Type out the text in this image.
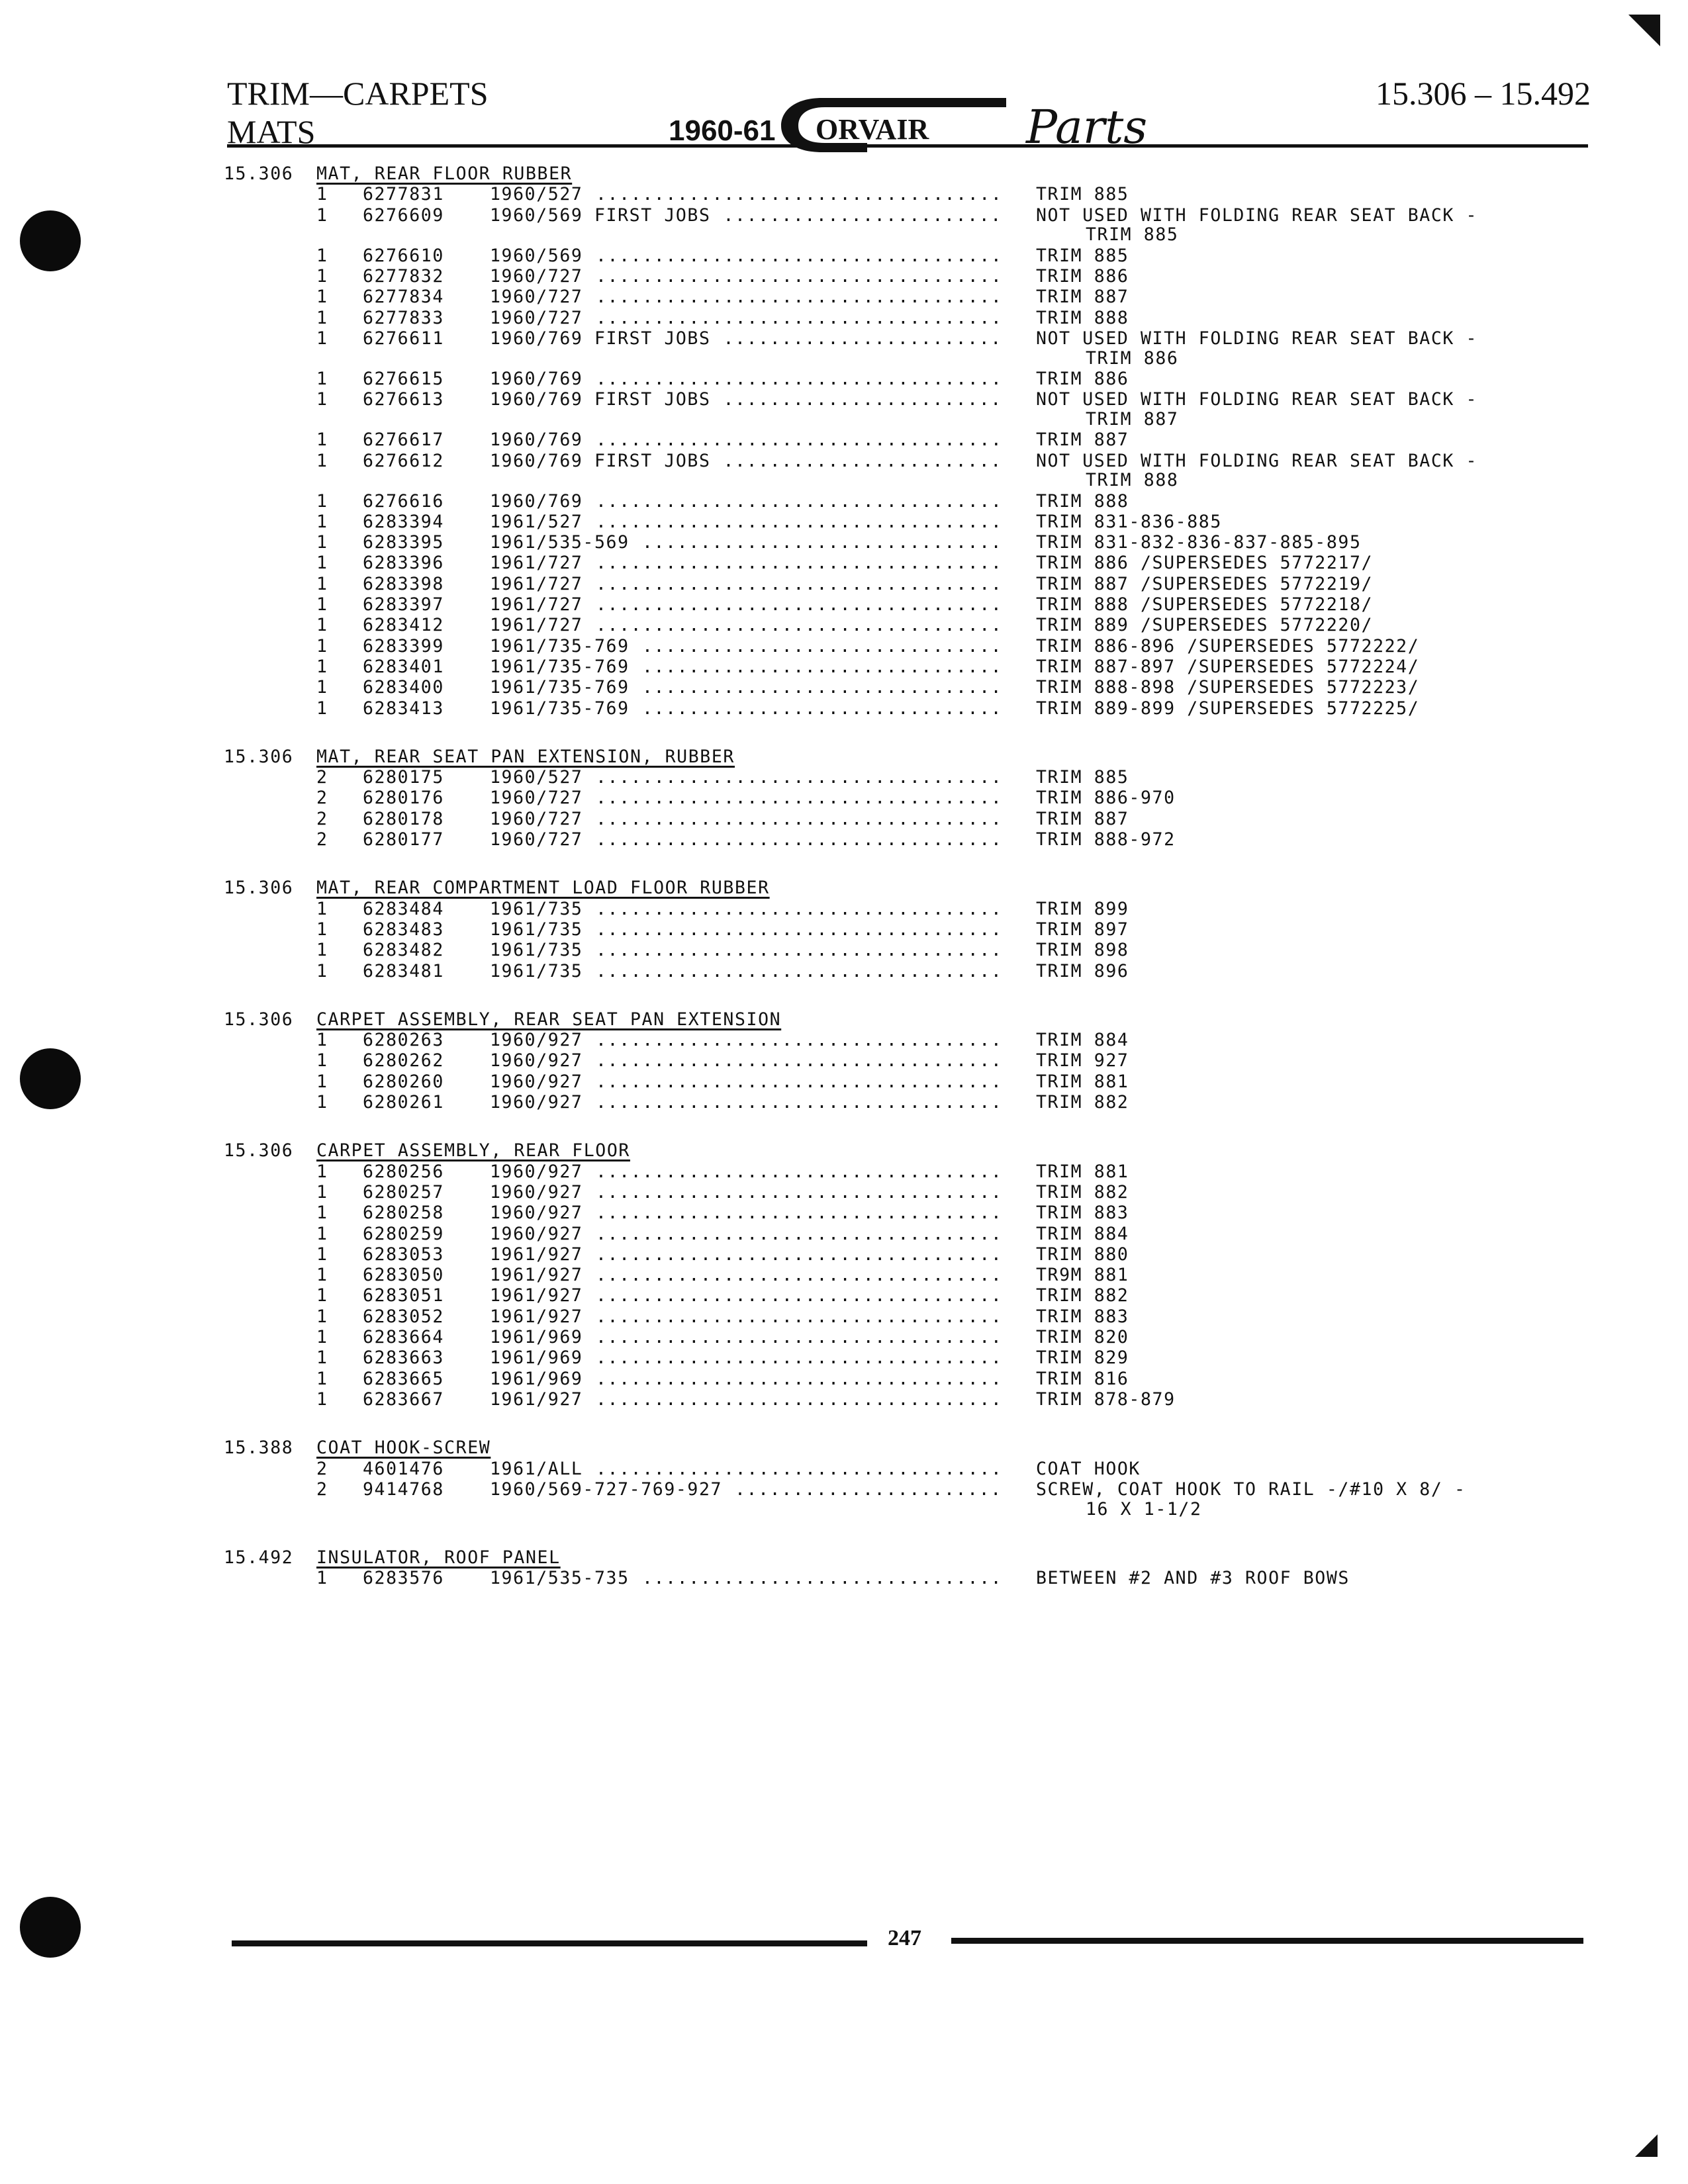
TRIM—CARPETS
MATS
15.306 – 15.492
1960-61 ORVAIR Parts
15.306 MAT, REAR FLOOR RUBBER
1 6277831	1960/527 ................................... TRIM 885
1 6276609	1960/569 FIRST JOBS ........................ NOT USED WITH FOLDING REAR SEAT BACK -
TRIM 885
1 6276610	1960/569 ................................... TRIM 885
1 6277832	1960/727 ................................... TRIM 886
1 6277834	1960/727 ................................... TRIM 887
1 6277833	1960/727 ................................... TRIM 888
1 6276611	1960/769 FIRST JOBS ........................ NOT USED WITH FOLDING REAR SEAT BACK -
TRIM 886
1 6276615	1960/769 ................................... TRIM 886
1 6276613	1960/769 FIRST JOBS ........................ NOT USED WITH FOLDING REAR SEAT BACK -
TRIM 887
1 6276617	1960/769 ................................... TRIM 887
1 6276612	1960/769 FIRST JOBS ........................ NOT USED WITH FOLDING REAR SEAT BACK -
TRIM 888
1 6276616	1960/769 ................................... TRIM 888
1 6283394	1961/527 ................................... TRIM 831-836-885
1 6283395	1961/535-569 ............................... TRIM 831-832-836-837-885-895
1 6283396	1961/727 ................................... TRIM 886 /SUPERSEDES 5772217/
1 6283398	1961/727 ................................... TRIM 887 /SUPERSEDES 5772219/
1 6283397	1961/727 ................................... TRIM 888 /SUPERSEDES 5772218/
1 6283412	1961/727 ................................... TRIM 889 /SUPERSEDES 5772220/
1 6283399	1961/735-769 ............................... TRIM 886-896 /SUPERSEDES 5772222/
1 6283401	1961/735-769 ............................... TRIM 887-897 /SUPERSEDES 5772224/
1 6283400	1961/735-769 ............................... TRIM 888-898 /SUPERSEDES 5772223/
1 6283413	1961/735-769 ............................... TRIM 889-899 /SUPERSEDES 5772225/
15.306 MAT, REAR SEAT PAN EXTENSION, RUBBER
2 6280175	1960/527 ................................... TRIM 885
2 6280176	1960/727 ................................... TRIM 886-970
2 6280178	1960/727 ................................... TRIM 887
2 6280177	1960/727 ................................... TRIM 888-972
15.306 MAT, REAR COMPARTMENT LOAD FLOOR RUBBER
1 6283484	1961/735 ................................... TRIM 899
1 6283483	1961/735 ................................... TRIM 897
1 6283482	1961/735 ................................... TRIM 898
1 6283481	1961/735 ................................... TRIM 896
15.306 CARPET ASSEMBLY, REAR SEAT PAN EXTENSION
1 6280263	1960/927 ................................... TRIM 884
1 6280262	1960/927 ................................... TRIM 927
1 6280260	1960/927 ................................... TRIM 881
1 6280261	1960/927 ................................... TRIM 882
15.306 CARPET ASSEMBLY, REAR FLOOR
1 6280256	1960/927 ................................... TRIM 881
1 6280257	1960/927 ................................... TRIM 882
1 6280258	1960/927 ................................... TRIM 883
1 6280259	1960/927 ................................... TRIM 884
1 6283053	1961/927 ................................... TRIM 880
1 6283050	1961/927 ................................... TR9M 881
1 6283051	1961/927 ................................... TRIM 882
1 6283052	1961/927 ................................... TRIM 883
1 6283664	1961/969 ................................... TRIM 820
1 6283663	1961/969 ................................... TRIM 829
1 6283665	1961/969 ................................... TRIM 816
1 6283667	1961/927 ................................... TRIM 878-879
15.388 COAT HOOK-SCREW
2 4601476	1961/ALL ................................... COAT HOOK
2 9414768	1960/569-727-769-927 ....................... SCREW, COAT HOOK TO RAIL -/#10 X 8/ -
16 X 1-1/2
15.492 INSULATOR, ROOF PANEL
1 6283576	1961/535-735 ............................... BETWEEN #2 AND #3 ROOF BOWS
247
